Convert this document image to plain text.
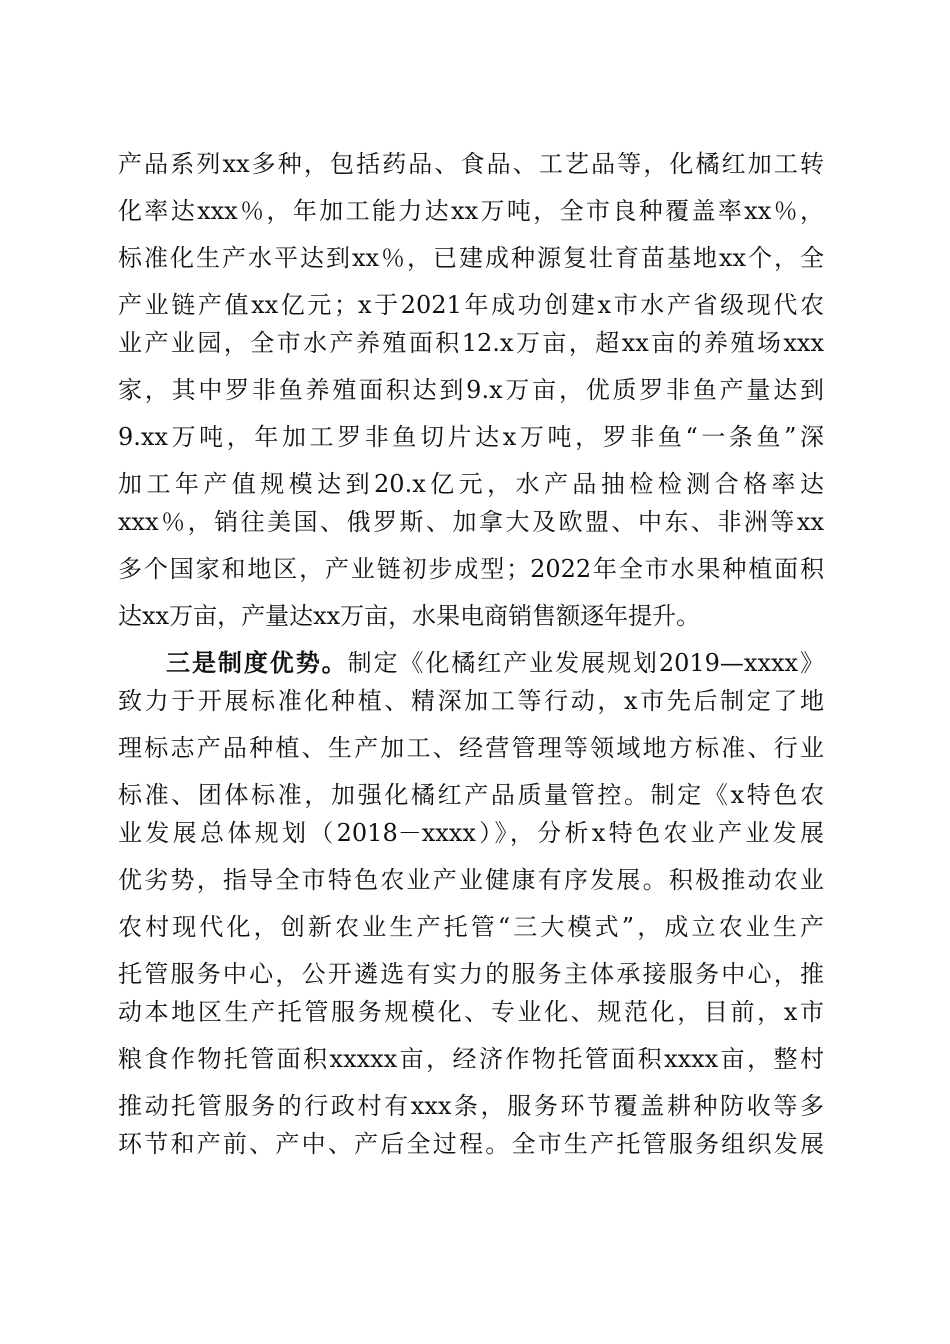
产品系列xx多种，包括药品、食品、工艺品等，化橘红加工转
化率达xxx％，年加工能力达xx万吨，全市良种覆盖率xx％，
标准化生产水平达到xx％，已建成种源复壮育苗基地xx个，全
产业链产值xx亿元；x于2021年成功创建x市水产省级现代农
业产业园，全市水产养殖面积12.x万亩，超xx亩的养殖场xxx
家，其中罗非鱼养殖面积达到9.x万亩，优质罗非鱼产量达到
9.xx万吨，年加工罗非鱼切片达x万吨，罗非鱼“一条鱼”深
加工年产值规模达到20.x亿元，水产品抽检检测合格率达
xxx％，销往美国、俄罗斯、加拿大及欧盟、中东、非洲等xx
多个国家和地区，产业链初步成型；2022年全市水果种植面积
达xx万亩，产量达xx万亩，水果电商销售额逐年提升。
三是制度优势。制定《化橘红产业发展规划2019—xxxx》
致力于开展标准化种植、精深加工等行动，x市先后制定了地
理标志产品种植、生产加工、经营管理等领域地方标准、行业
标准、团体标准，加强化橘红产品质量管控。制定《x特色农
业发展总体规划（2018－xxxx）》，分析x特色农业产业发展
优劣势，指导全市特色农业产业健康有序发展。积极推动农业
农村现代化，创新农业生产托管“三大模式”，成立农业生产
托管服务中心，公开遴选有实力的服务主体承接服务中心，推
动本地区生产托管服务规模化、专业化、规范化，目前，x市
粮食作物托管面积xxxxx亩，经济作物托管面积xxxx亩，整村
推动托管服务的行政村有xxx条，服务环节覆盖耕种防收等多
环节和产前、产中、产后全过程。全市生产托管服务组织发展
